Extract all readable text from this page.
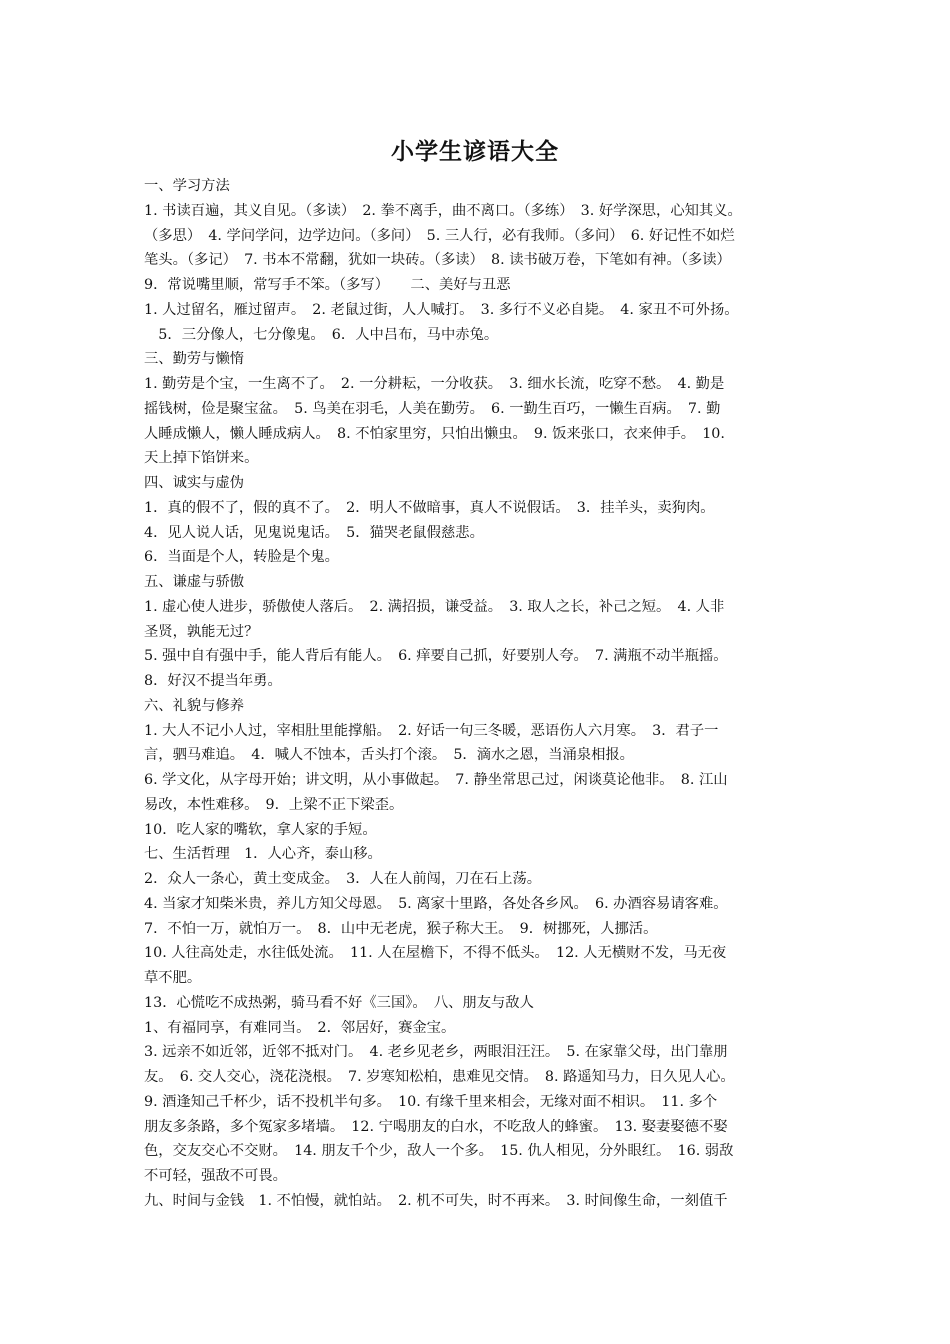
小学生谚语大全
一、学习方法
1. 书读百遍，其义自见。（多读）　2. 拳不离手，曲不离口。（多练）　3. 好学深思，心知其义。
（多思）　4. 学问学问，边学边问。（多问）　5. 三人行，必有我师。（多问）　6. 好记性不如烂
笔头。（多记）　7. 书本不常翻，犹如一块砖。（多读）　8. 读书破万卷，下笔如有神。（多读）
9．常说嘴里顺，常写手不笨。（多写）　　二、美好与丑恶
1. 人过留名，雁过留声。　2. 老鼠过街，人人喊打。　3. 多行不义必自毙。　4. 家丑不可外扬。
　5．三分像人，七分像鬼。　6．人中吕布，马中赤兔。
三、勤劳与懒惰
1. 勤劳是个宝，一生离不了。　2. 一分耕耘，一分收获。　3. 细水长流，吃穿不愁。　4. 勤是
摇钱树，俭是聚宝盆。　5. 鸟美在羽毛，人美在勤劳。　6. 一勤生百巧，一懒生百病。　7. 勤
人睡成懒人，懒人睡成病人。　8. 不怕家里穷，只怕出懒虫。　9. 饭来张口，衣来伸手。　10.
天上掉下馅饼来。
四、诚实与虚伪
1．真的假不了，假的真不了。　2．明人不做暗事，真人不说假话。　3．挂羊头，卖狗肉。
4．见人说人话，见鬼说鬼话。　5．猫哭老鼠假慈悲。
6．当面是个人，转脸是个鬼。
五、谦虚与骄傲
1. 虚心使人进步，骄傲使人落后。　2. 满招损，谦受益。　3. 取人之长，补己之短。　4. 人非
圣贤，孰能无过？
5. 强中自有强中手，能人背后有能人。　6. 痒要自己抓，好要别人夸。　7. 满瓶不动半瓶摇。
8．好汉不提当年勇。
六、礼貌与修养
1. 大人不记小人过，宰相肚里能撑船。　2. 好话一句三冬暖，恶语伤人六月寒。　3．君子一
言，驷马难追。　4．喊人不蚀本，舌头打个滚。　5．滴水之恩，当涌泉相报。
6. 学文化，从字母开始；讲文明，从小事做起。　7. 静坐常思己过，闲谈莫论他非。　8. 江山
易改，本性难移。　9．上梁不正下梁歪。
10．吃人家的嘴软，拿人家的手短。
七、生活哲理　1．人心齐，泰山移。
2．众人一条心，黄土变成金。　3．人在人前闯，刀在石上荡。
4. 当家才知柴米贵，养儿方知父母恩。　5. 离家十里路，各处各乡风。　6. 办酒容易请客难。
7．不怕一万，就怕万一。　8．山中无老虎，猴子称大王。　9．树挪死，人挪活。
10. 人往高处走，水往低处流。　11. 人在屋檐下，不得不低头。　12. 人无横财不发，马无夜
草不肥。
13．心慌吃不成热粥，骑马看不好《三国》。　八、朋友与敌人
1、有福同享，有难同当。　2．邻居好，赛金宝。
3. 远亲不如近邻，近邻不抵对门。　4. 老乡见老乡，两眼泪汪汪。　5. 在家靠父母，出门靠朋
友。　6. 交人交心，浇花浇根。　7. 岁寒知松柏，患难见交情。　8. 路遥知马力，日久见人心。
9. 酒逢知己千杯少，话不投机半句多。　10. 有缘千里来相会，无缘对面不相识。　11. 多个
朋友多条路，多个冤家多堵墙。　12. 宁喝朋友的白水，不吃敌人的蜂蜜。　13. 娶妻娶德不娶
色，交友交心不交财。　14. 朋友千个少，敌人一个多。　15. 仇人相见，分外眼红。　16. 弱敌
不可轻，强敌不可畏。
九、时间与金钱　1. 不怕慢，就怕站。　2. 机不可失，时不再来。　3. 时间像生命，一刻值千
